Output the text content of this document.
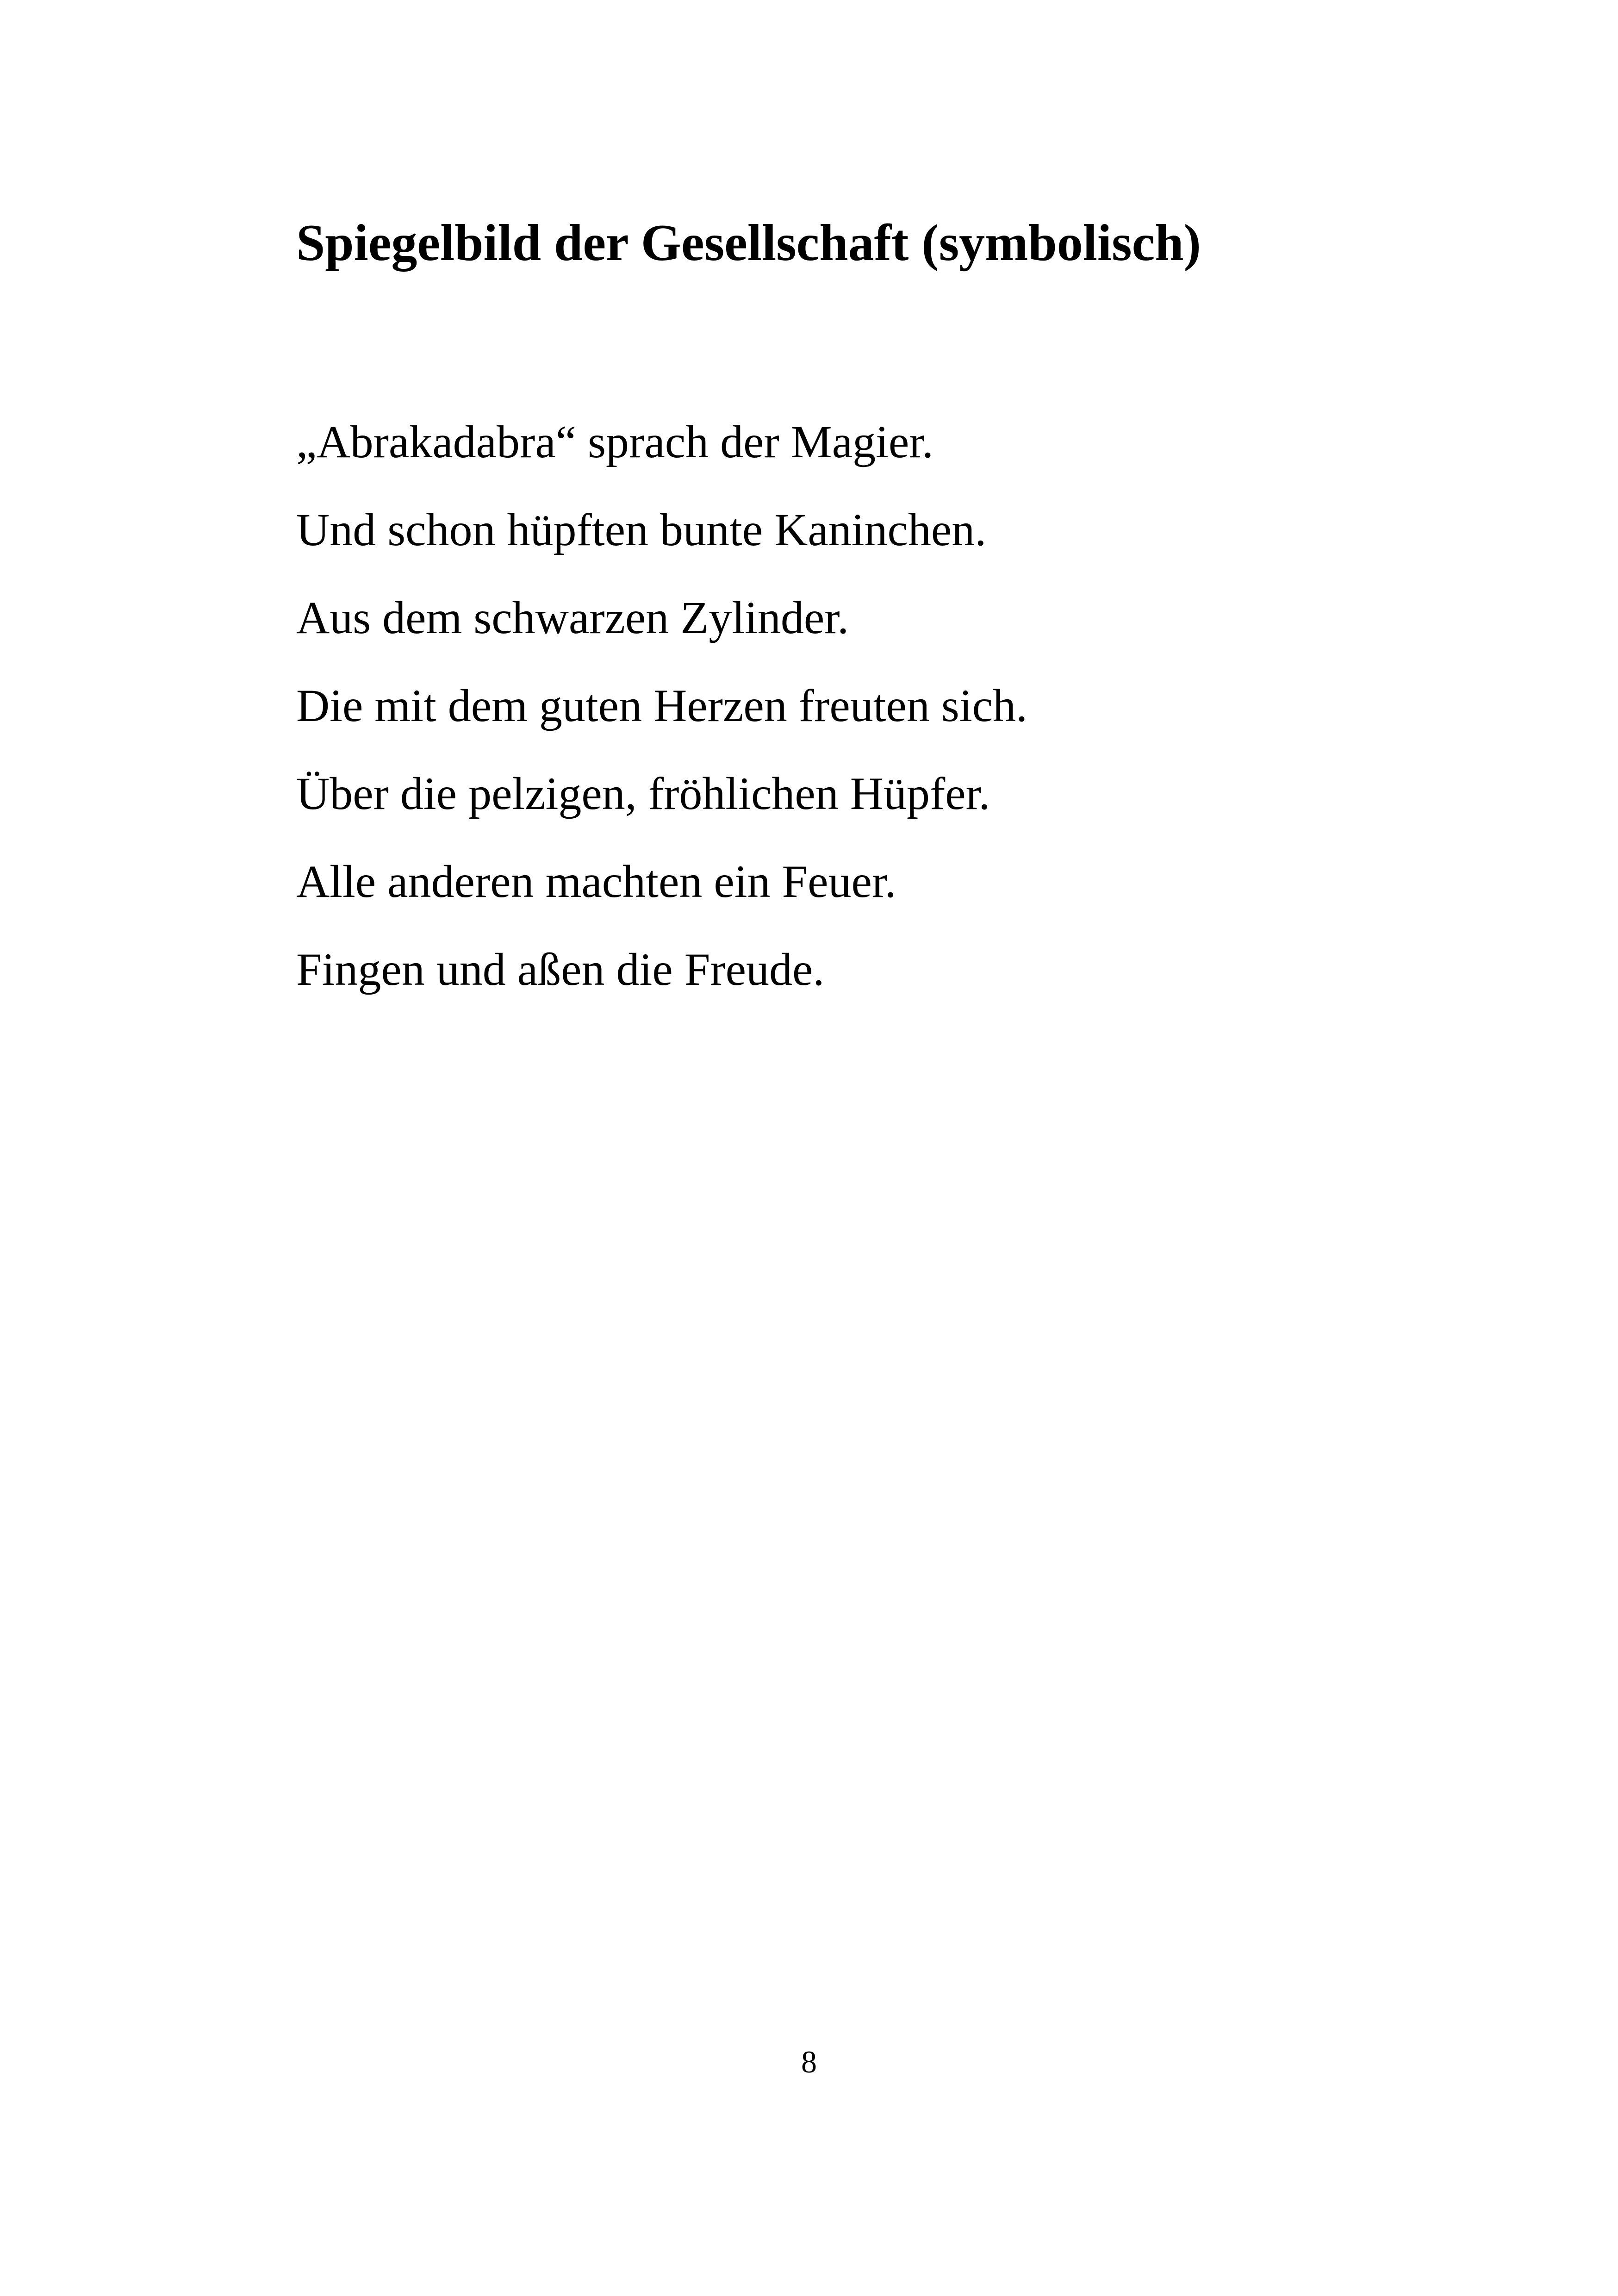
Spiegelbild der Gesellschaft (symbolisch)
„Abrakadabra“ sprach der Magier.
Und schon hüpften bunte Kaninchen.
Aus dem schwarzen Zylinder.
Die mit dem guten Herzen freuten sich.
Über die pelzigen, fröhlichen Hüpfer.
Alle anderen machten ein Feuer.
Fingen und aßen die Freude.
8
